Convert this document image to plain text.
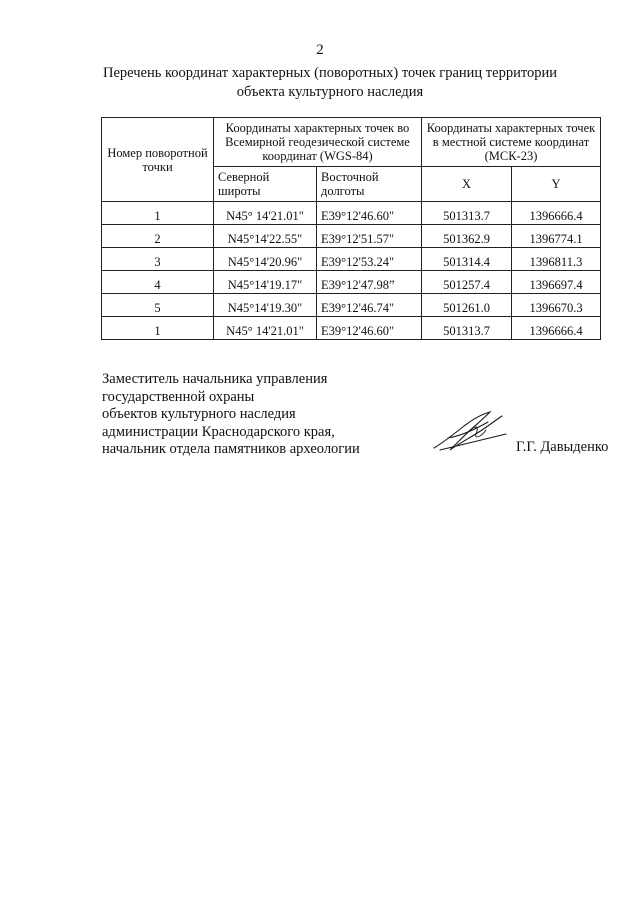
2
Перечень координат характерных (поворотных) точек границ территории
объекта культурного наследия
Номер поворотной точки	Координаты характерных точек во Всемирной геодезической системе координат (WGS-84)		Координаты характерных точек в местной системе координат (МСК-23)	
	Северной широты	Восточной долготы	X	Y
1	N45° 14'21.01"	E39°12'46.60"	501313.7	1396666.4
2	N45°14'22.55"	E39°12'51.57"	501362.9	1396774.1
3	N45°14'20.96"	E39°12'53.24"	501314.4	1396811.3
4	N45°14'19.17"	E39°12'47.98”	501257.4	1396697.4
5	N45°14'19.30"	E39°12'46.74"	501261.0	1396670.3
1	N45° 14'21.01"	E39°12'46.60"	501313.7	1396666.4
Заместитель начальника управления
государственной охраны
объектов культурного наследия
администрации Краснодарского края,
начальник отдела памятников археологии	Г.Г. Давыденко
